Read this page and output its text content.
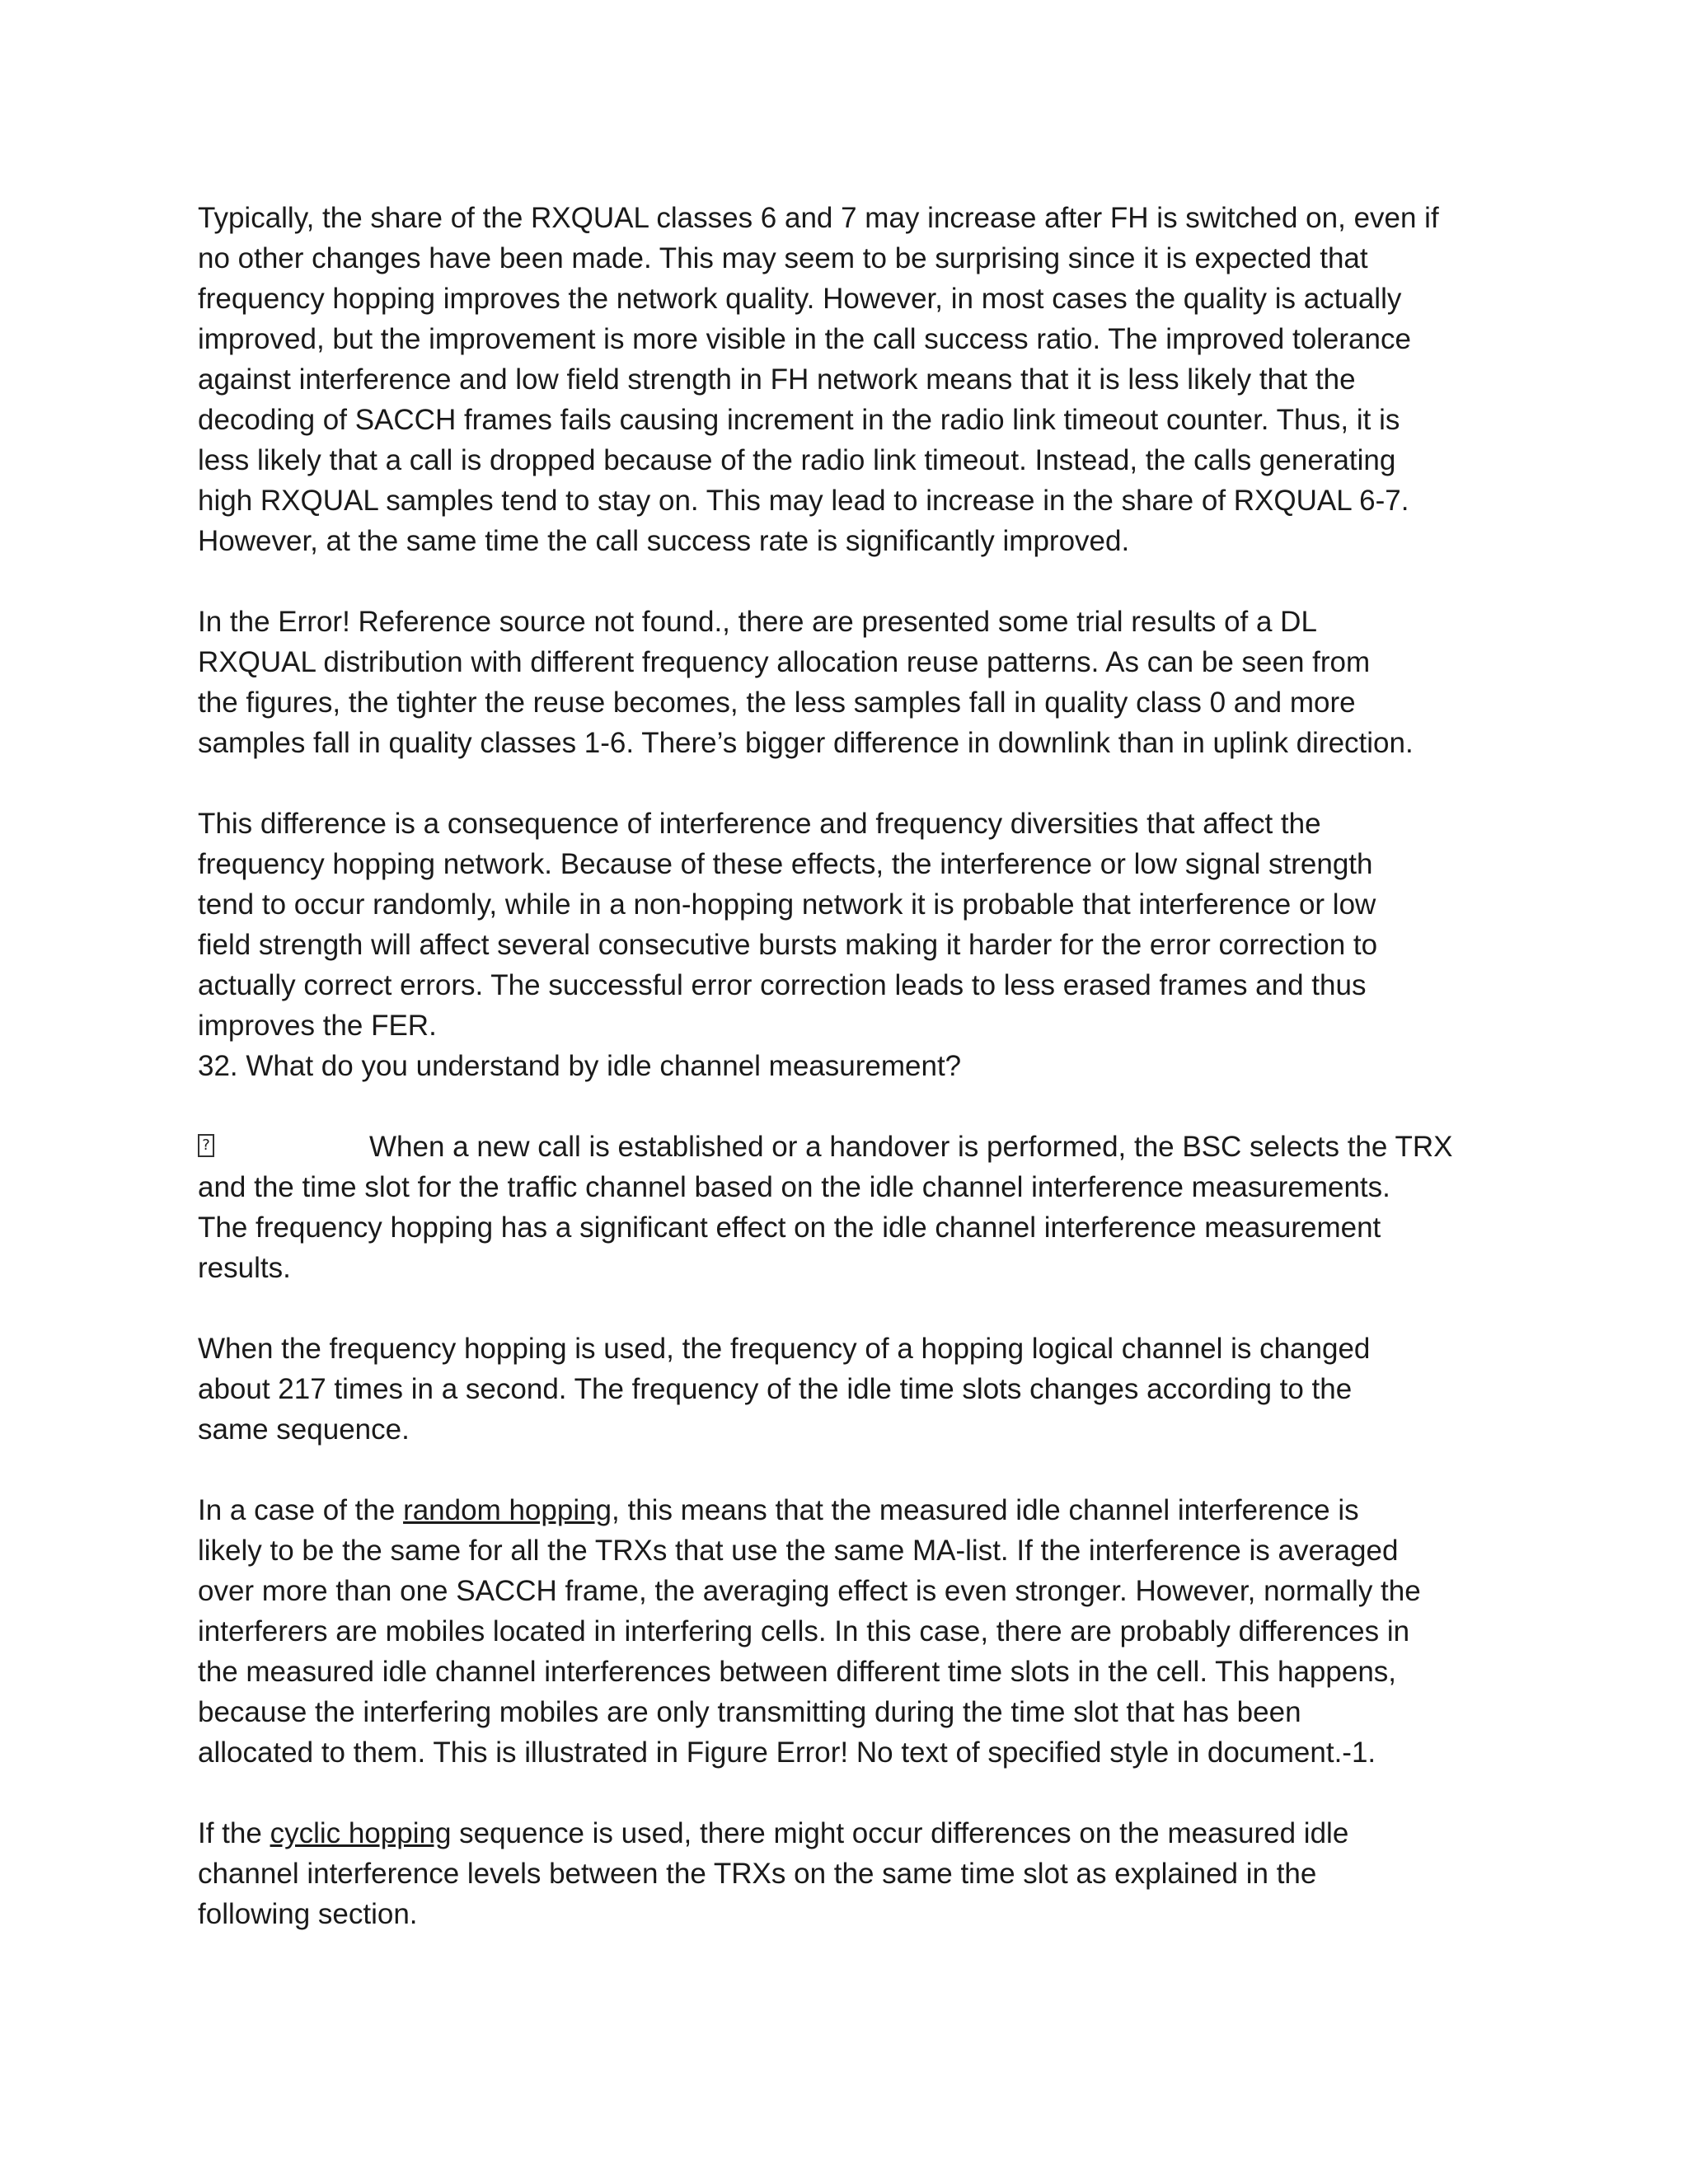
Typically, the share of the RXQUAL classes 6 and 7 may increase after FH is switched on, even if
no other changes have been made. This may seem to be surprising since it is expected that
frequency hopping improves the network quality. However, in most cases the quality is actually
improved, but the improvement is more visible in the call success ratio. The improved tolerance
against interference and low field strength in FH network means that it is less likely that the
decoding of SACCH frames fails causing increment in the radio link timeout counter. Thus, it is
less likely that a call is dropped because of the radio link timeout. Instead, the calls generating
high RXQUAL samples tend to stay on. This may lead to increase in the share of RXQUAL 6-7.
However, at the same time the call success rate is significantly improved.
In the Error! Reference source not found., there are presented some trial results of a DL
RXQUAL distribution with different frequency allocation reuse patterns. As can be seen from
the figures, the tighter the reuse becomes, the less samples fall in quality class 0 and more
samples fall in quality classes 1-6. There’s bigger difference in downlink than in uplink direction.
This difference is a consequence of interference and frequency diversities that affect the
frequency hopping network. Because of these effects, the interference or low signal strength
tend to occur randomly, while in a non-hopping network it is probable that interference or low
field strength will affect several consecutive bursts making it harder for the error correction to
actually correct errors. The successful error correction leads to less erased frames and thus
improves the FER.
32. What do you understand by idle channel measurement?
?	When a new call is established or a handover is performed, the BSC selects the TRX
and the time slot for the traffic channel based on the idle channel interference measurements.
The frequency hopping has a significant effect on the idle channel interference measurement
results.
When the frequency hopping is used, the frequency of a hopping logical channel is changed
about 217 times in a second. The frequency of the idle time slots changes according to the
same sequence.
In a case of the random hopping, this means that the measured idle channel interference is
likely to be the same for all the TRXs that use the same MA-list. If the interference is averaged
over more than one SACCH frame, the averaging effect is even stronger. However, normally the
interferers are mobiles located in interfering cells. In this case, there are probably differences in
the measured idle channel interferences between different time slots in the cell. This happens,
because the interfering mobiles are only transmitting during the time slot that has been
allocated to them. This is illustrated in Figure Error! No text of specified style in document.-1.
If the cyclic hopping sequence is used, there might occur differences on the measured idle
channel interference levels between the TRXs on the same time slot as explained in the
following section.
